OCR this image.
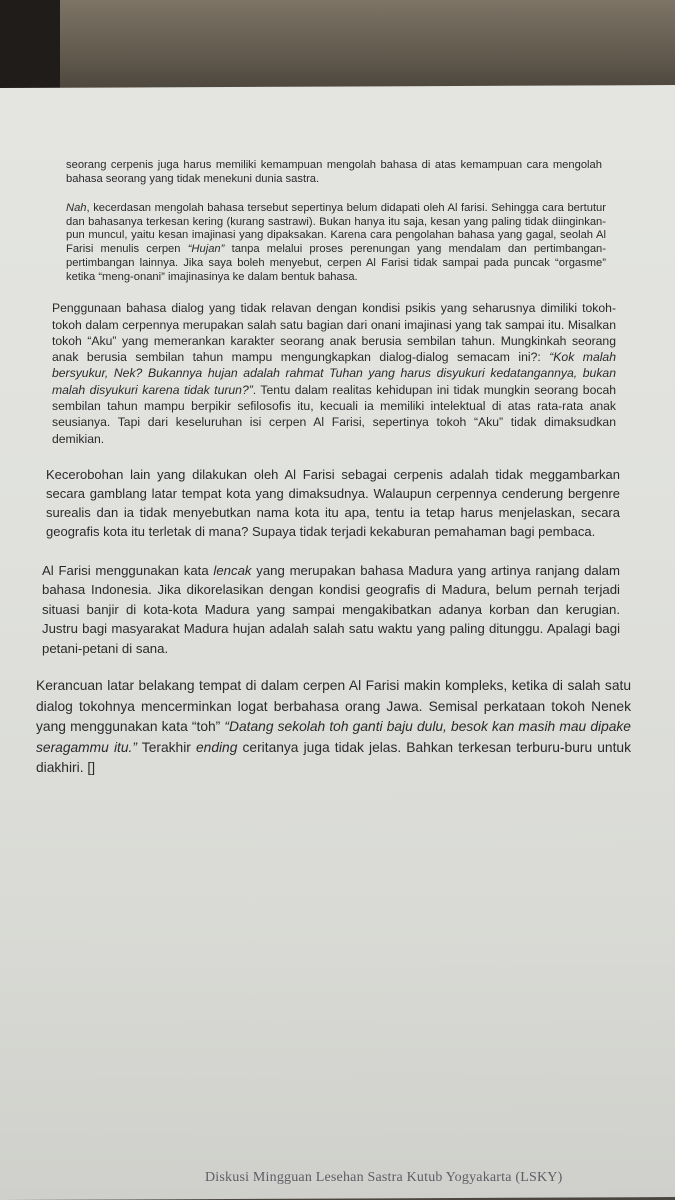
seorang cerpenis juga harus memiliki kemampuan mengolah bahasa di atas kemampuan cara mengolah bahasa seorang yang tidak menekuni dunia sastra.

Nah, kecerdasan mengolah bahasa tersebut sepertinya belum didapati oleh Al farisi. Sehingga cara bertutur dan bahasanya terkesan kering (kurang sastrawi). Bukan hanya itu saja, kesan yang paling tidak diinginkan-pun muncul, yaitu kesan imajinasi yang dipaksakan. Karena cara pengolahan bahasa yang gagal, seolah Al Farisi menulis cerpen “Hujan” tanpa melalui proses perenungan yang mendalam dan pertimbangan-pertimbangan lainnya. Jika saya boleh menyebut, cerpen Al Farisi tidak sampai pada puncak “orgasme” ketika “meng-onani” imajinasinya ke dalam bentuk bahasa.

Penggunaan bahasa dialog yang tidak relavan dengan kondisi psikis yang seharusnya dimiliki tokoh-tokoh dalam cerpennya merupakan salah satu bagian dari onani imajinasi yang tak sampai itu. Misalkan tokoh “Aku” yang memerankan karakter seorang anak berusia sembilan tahun. Mungkinkah seorang anak berusia sembilan tahun mampu mengungkapkan dialog-dialog semacam ini?: “Kok malah bersyukur, Nek? Bukannya hujan adalah rahmat Tuhan yang harus disyukuri kedatangannya, bukan malah disyukuri karena tidak turun?”. Tentu dalam realitas kehidupan ini tidak mungkin seorang bocah sembilan tahun mampu berpikir sefilosofis itu, kecuali ia memiliki intelektual di atas rata-rata anak seusianya. Tapi dari keseluruhan isi cerpen Al Farisi, sepertinya tokoh “Aku” tidak dimaksudkan demikian.

Kecerobohan lain yang dilakukan oleh Al Farisi sebagai cerpenis adalah tidak meggambarkan secara gamblang latar tempat kota yang dimaksudnya. Walaupun cerpennya cenderung bergenre surealis dan ia tidak menyebutkan nama kota itu apa, tentu ia tetap harus menjelaskan, secara geografis kota itu terletak di mana? Supaya tidak terjadi kekaburan pemahaman bagi pembaca.

Al Farisi menggunakan kata lencak yang merupakan bahasa Madura yang artinya ranjang dalam bahasa Indonesia. Jika dikorelasikan dengan kondisi geografis di Madura, belum pernah terjadi situasi banjir di kota-kota Madura yang sampai mengakibatkan adanya korban dan kerugian. Justru bagi masyarakat Madura hujan adalah salah satu waktu yang paling ditunggu. Apalagi bagi petani-petani di sana.

Kerancuan latar belakang tempat di dalam cerpen Al Farisi makin kompleks, ketika di salah satu dialog tokohnya mencerminkan logat berbahasa orang Jawa. Semisal perkataan tokoh Nenek yang menggunakan kata “toh” “Datang sekolah toh ganti baju dulu, besok kan masih mau dipake seragammu itu.” Terakhir ending ceritanya juga tidak jelas. Bahkan terkesan terburu-buru untuk diakhiri. []

Diskusi Mingguan Lesehan Sastra Kutub Yogyakarta (LSKY)
